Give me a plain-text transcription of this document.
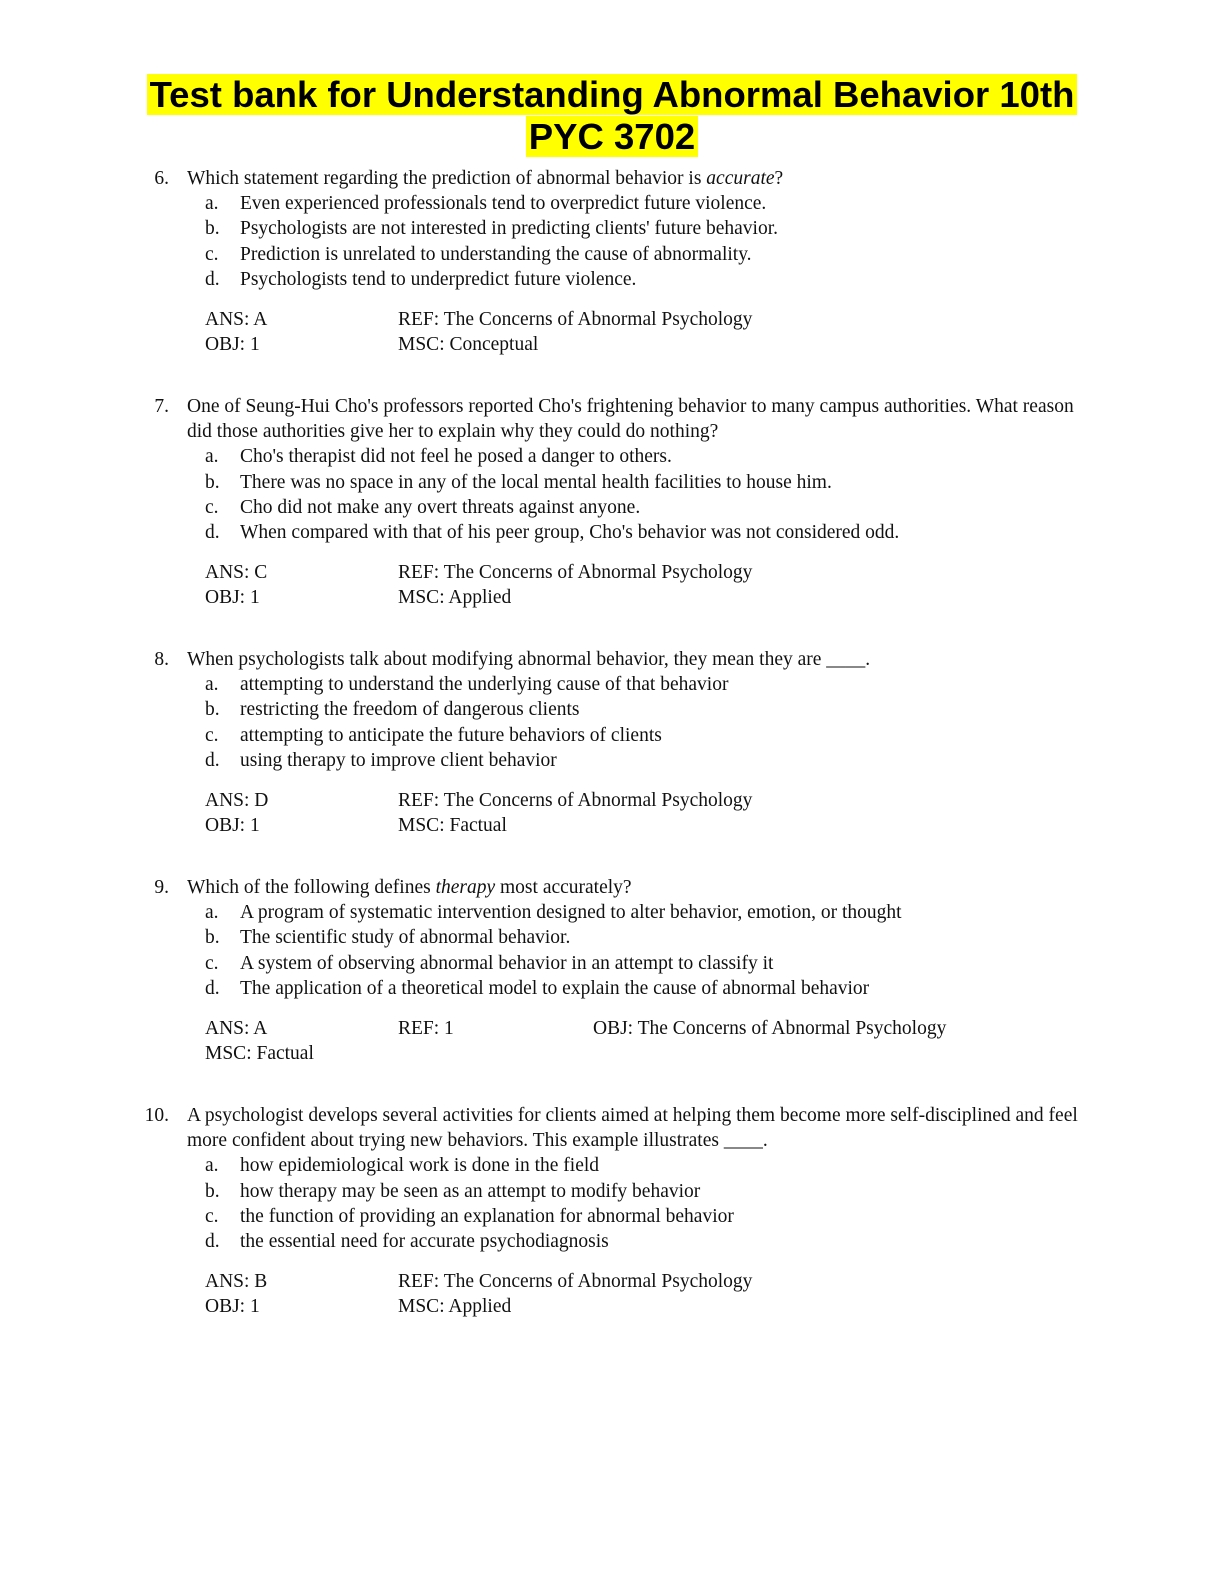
Test bank for Understanding Abnormal Behavior 10th
PYC 3702
6. Which statement regarding the prediction of abnormal behavior is accurate?
a.	Even experienced professionals tend to overpredict future violence.
b.	Psychologists are not interested in predicting clients' future behavior.
c.	Prediction is unrelated to understanding the cause of abnormality.
d.	Psychologists tend to underpredict future violence.
ANS: A	REF: The Concerns of Abnormal Psychology
OBJ: 1	MSC: Conceptual
7. One of Seung-Hui Cho's professors reported Cho's frightening behavior to many campus authorities. What reason did those authorities give her to explain why they could do nothing?
a.	Cho's therapist did not feel he posed a danger to others.
b.	There was no space in any of the local mental health facilities to house him.
c.	Cho did not make any overt threats against anyone.
d.	When compared with that of his peer group, Cho's behavior was not considered odd.
ANS: C	REF: The Concerns of Abnormal Psychology
OBJ: 1	MSC: Applied
8. When psychologists talk about modifying abnormal behavior, they mean they are ____.
a.	attempting to understand the underlying cause of that behavior
b.	restricting the freedom of dangerous clients
c.	attempting to anticipate the future behaviors of clients
d.	using therapy to improve client behavior
ANS: D	REF: The Concerns of Abnormal Psychology
OBJ: 1	MSC: Factual
9. Which of the following defines therapy most accurately?
a.	A program of systematic intervention designed to alter behavior, emotion, or thought
b.	The scientific study of abnormal behavior.
c.	A system of observing abnormal behavior in an attempt to classify it
d.	The application of a theoretical model to explain the cause of abnormal behavior
ANS: A	REF: 1	OBJ: The Concerns of Abnormal Psychology
MSC: Factual
10. A psychologist develops several activities for clients aimed at helping them become more self-disciplined and feel more confident about trying new behaviors. This example illustrates ____.
a.	how epidemiological work is done in the field
b.	how therapy may be seen as an attempt to modify behavior
c.	the function of providing an explanation for abnormal behavior
d.	the essential need for accurate psychodiagnosis
ANS: B	REF: The Concerns of Abnormal Psychology
OBJ: 1	MSC: Applied
